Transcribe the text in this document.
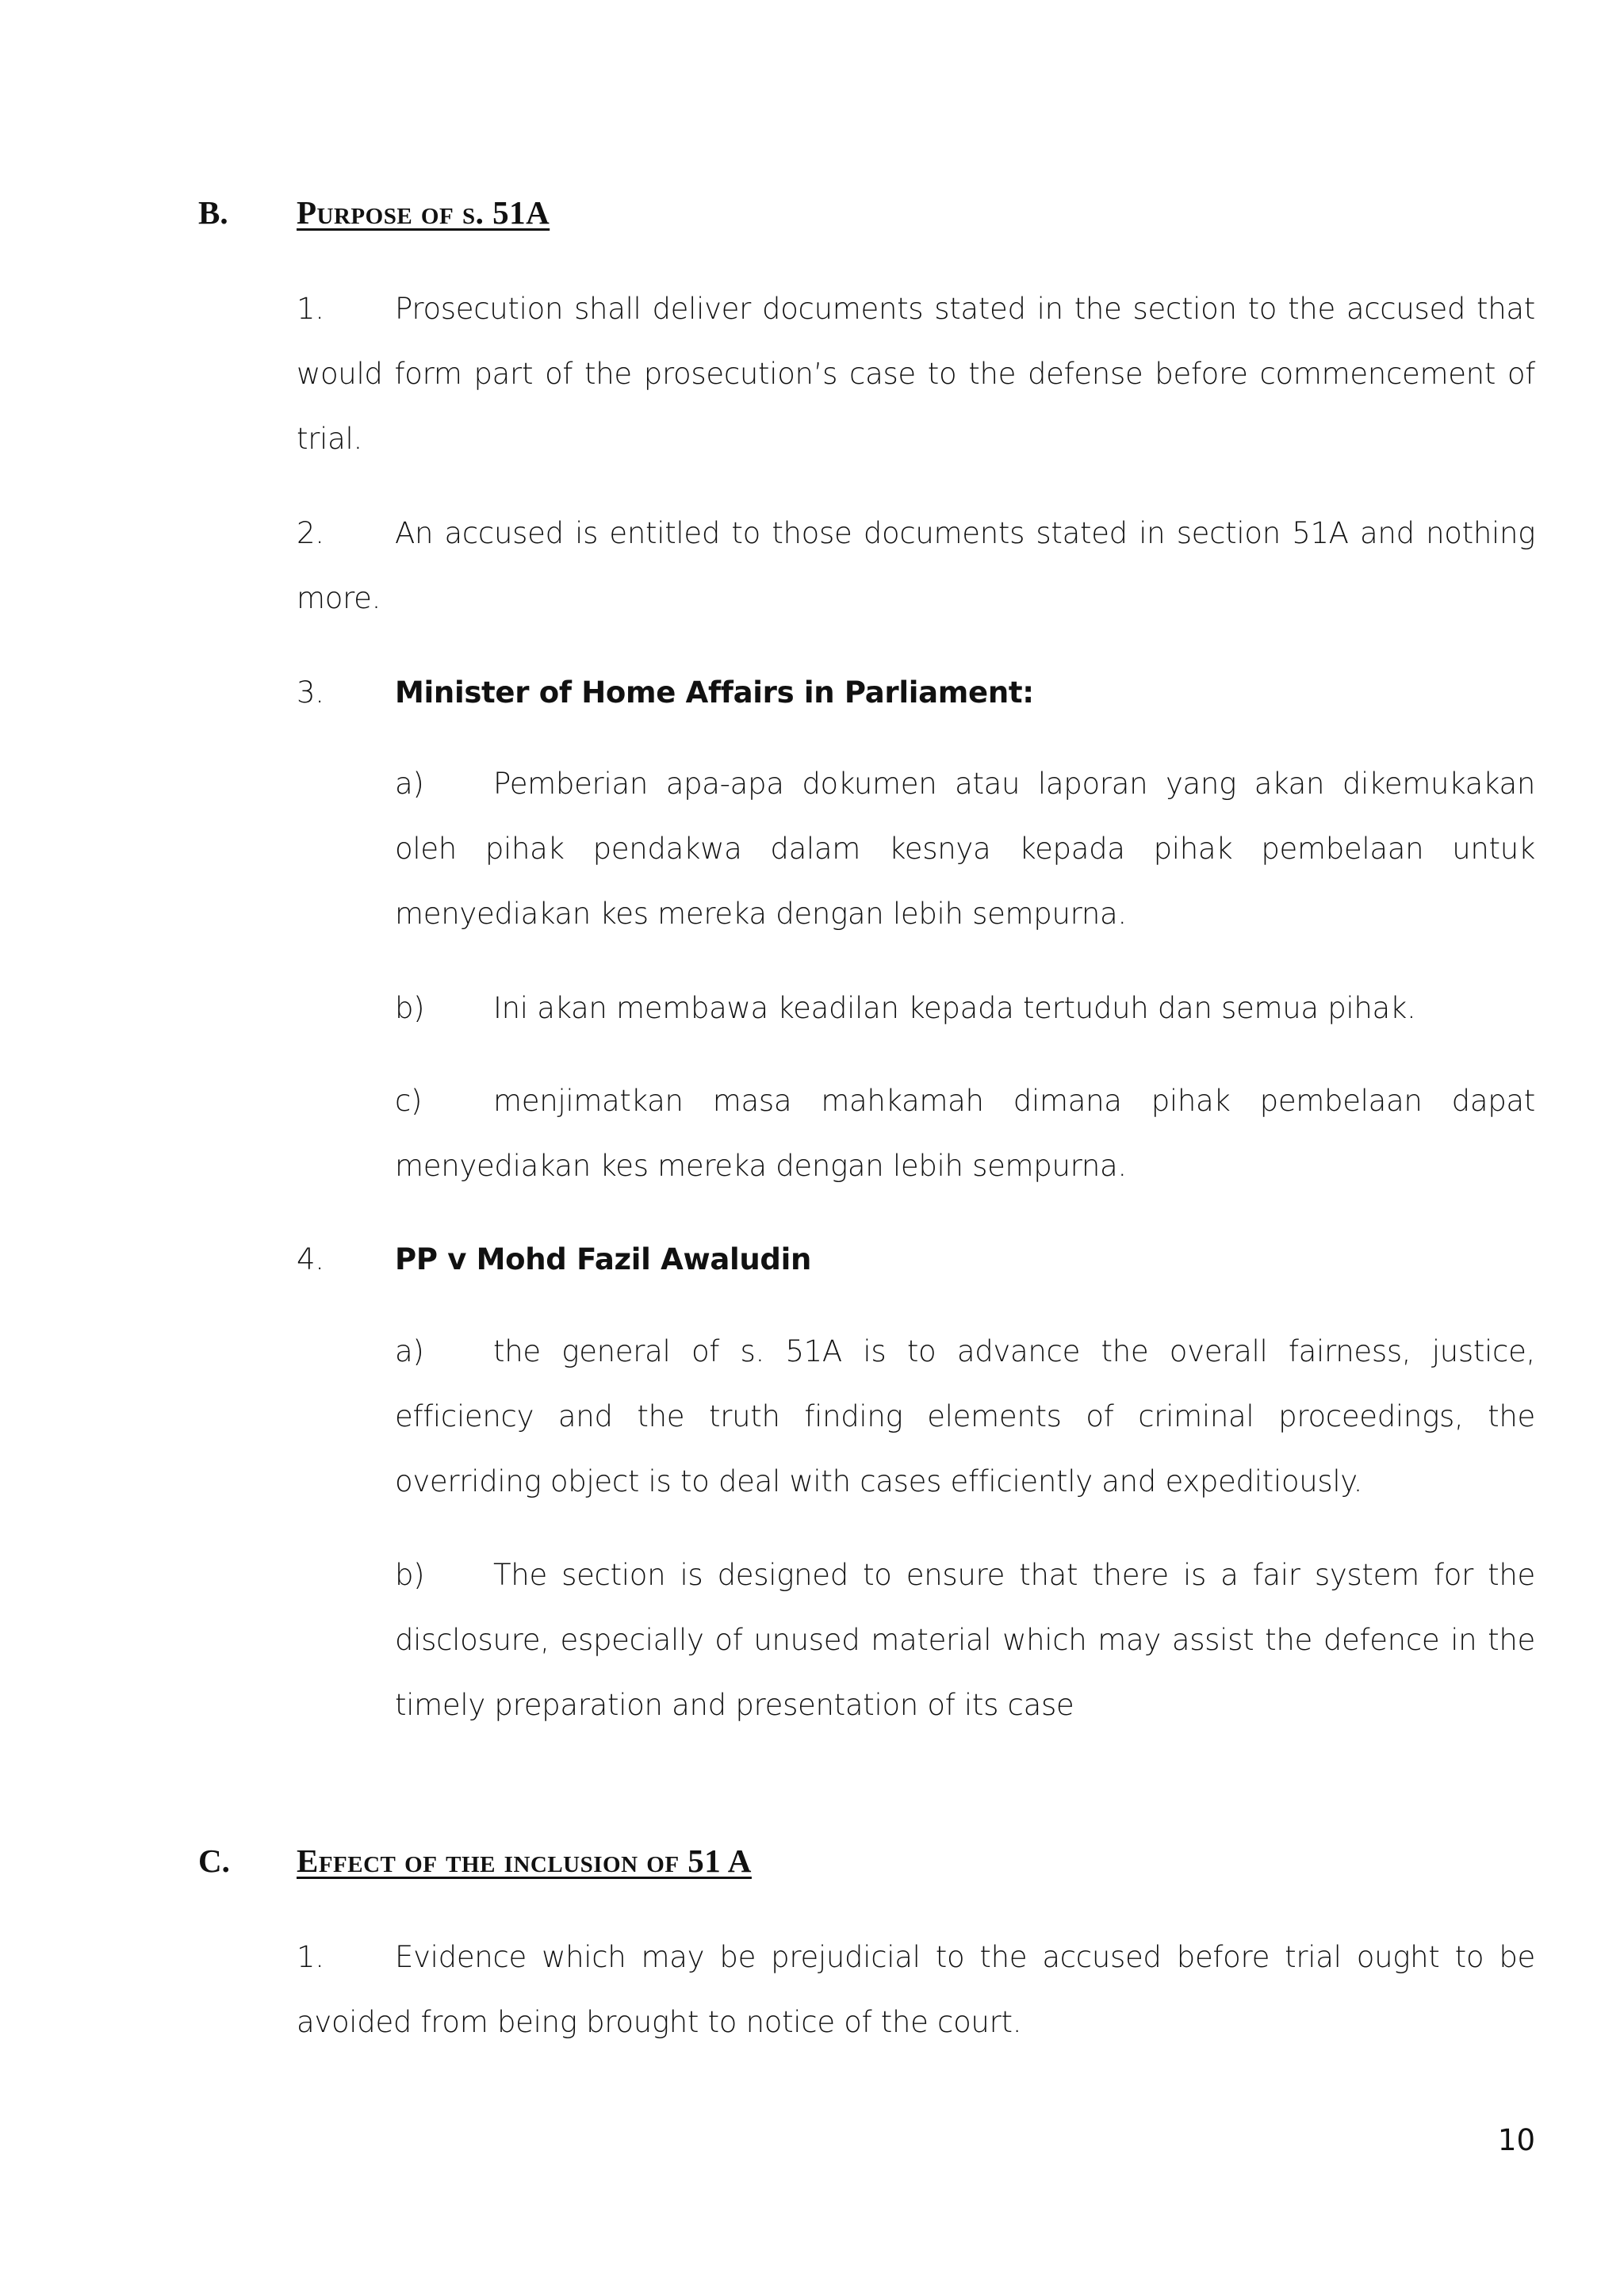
B. Purpose of s. 51A
1. Prosecution shall deliver documents stated in the section to the accused that would form part of the prosecution’s case to the defense before commencement of trial.
2. An accused is entitled to those documents stated in section 51A and nothing more.
3. Minister of Home Affairs in Parliament:
a) Pemberian apa-apa dokumen atau laporan yang akan dikemukakan oleh pihak pendakwa dalam kesnya kepada pihak pembelaan untuk menyediakan kes mereka dengan lebih sempurna.
b) Ini akan membawa keadilan kepada tertuduh dan semua pihak.
c) menjimatkan masa mahkamah dimana pihak pembelaan dapat menyediakan kes mereka dengan lebih sempurna.
4. PP v Mohd Fazil Awaludin
a) the general of s. 51A is to advance the overall fairness, justice, efficiency and the truth finding elements of criminal proceedings, the overriding object is to deal with cases efficiently and expeditiously.
b) The section is designed to ensure that there is a fair system for the disclosure, especially of unused material which may assist the defence in the timely preparation and presentation of its case
C. Effect of the inclusion of 51 A
1. Evidence which may be prejudicial to the accused before trial ought to be avoided from being brought to notice of the court.
10
